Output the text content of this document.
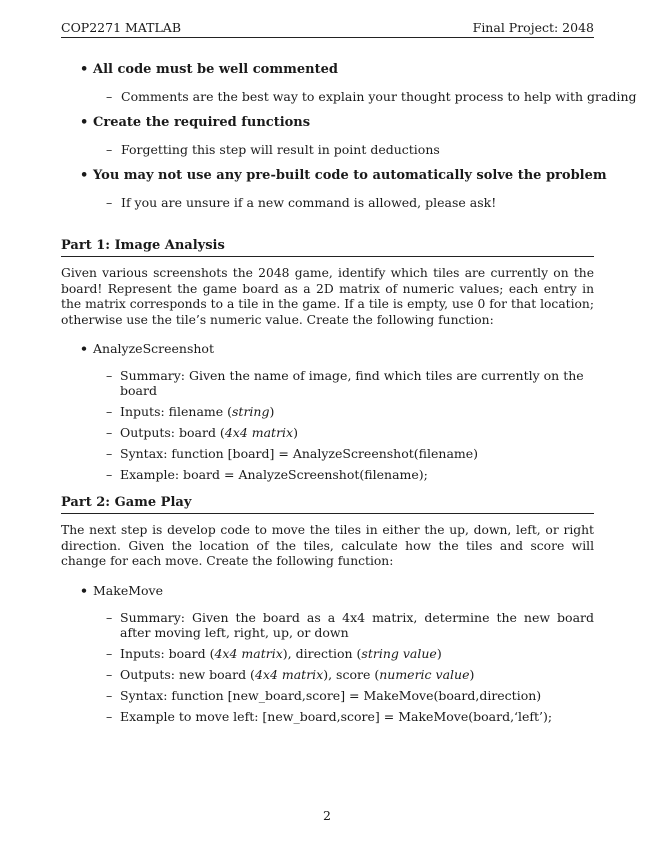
COP2271 MATLAB	Final Project: 2048
• All code must be well commented
– Comments are the best way to explain your thought process to help with grading
• Create the required functions
– Forgetting this step will result in point deductions
• You may not use any pre-built code to automatically solve the problem
– If you are unsure if a new command is allowed, please ask!
Part 1: Image Analysis
Given various screenshots the 2048 game, identify which tiles are currently on the board! Represent the game board as a 2D matrix of numeric values; each entry in the matrix corresponds to a tile in the game. If a tile is empty, use 0 for that location; otherwise use the tile’s numeric value. Create the following function:
• AnalyzeScreenshot
– Summary: Given the name of image, find which tiles are currently on the board
– Inputs: filename (string)
– Outputs: board (4x4 matrix)
– Syntax: function [board] = AnalyzeScreenshot(filename)
– Example: board = AnalyzeScreenshot(filename);
Part 2: Game Play
The next step is develop code to move the tiles in either the up, down, left, or right direction. Given the location of the tiles, calculate how the tiles and score will change for each move. Create the following function:
• MakeMove
– Summary: Given the board as a 4x4 matrix, determine the new board after moving left, right, up, or down
– Inputs: board (4x4 matrix), direction (string value)
– Outputs: new board (4x4 matrix), score (numeric value)
– Syntax: function [new_board,score] = MakeMove(board,direction)
– Example to move left: [new_board,score] = MakeMove(board,‘left’);
2
